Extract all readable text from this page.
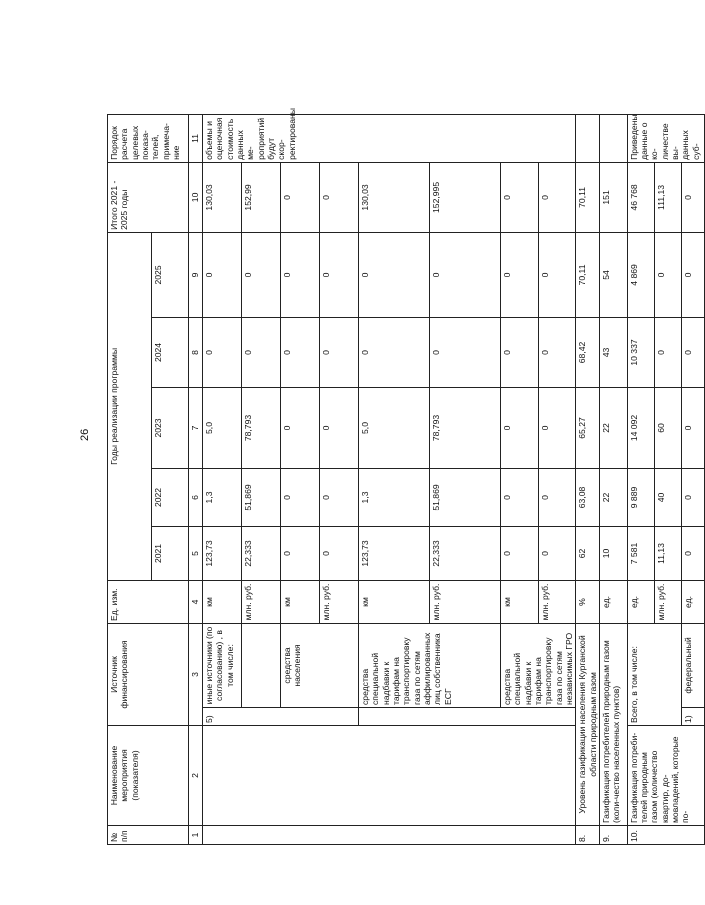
26
№ п/п	Наименование мероприятия (показателя)	Источник финансирования		Ед. изм.	Годы реализации программы					Итого 2021 - 2025 годы	Порядок расчета целевых показа-телей, примеча-ние
					2021	2022	2023	2024	2025		
1	2	3		4	5	6	7	8	9	10	11
		5)	иные источники (по согласованию) , в том числе:	км	123,73	1,3	5,0	0	0	130,03	объемы и оценочная стоимость данных ме-роприятий будут скор-ректированы
				млн. руб.	22,333	51,869	78,793	0	0	152,99	
			средства населения	км	0	0	0	0	0	0	
				млн. руб.	0	0	0	0	0	0	
			средства специальной надбавки к тарифам на транспортировку газа по сетям аффилированных лиц собственника ЕСГ	км	123,73	1,3	5,0	0	0	130,03	
				млн. руб.	22,333	51,869	78,793	0	0	152,995	
			средства специальной надбавки к тарифам на транспортировку газа по сетям независимых ГРО	км	0	0	0	0	0	0	
				млн. руб.	0	0	0	0	0	0	
8.	Уровень газификации населения Курганской области природным газом			%	62	63,08	65,27	68,42	70,11	70,11	
9.	Газификация потребителей природным газом (коли-чество населенных пунктов)			ед.	10	22	22	43	54	151	
10.	Газификация потреби-телей природным газом (количество квартир, до-мовладений, которые по-	Всего, в том числе:		ед.	7 581	9 889	14 092	10 337	4 869	46 768	Приведены данные о ко-личестве вы-данных суб-
				млн. руб.	11,13	40	60	0	0	111,13	
		1)	федеральный	ед.	0	0	0	0	0	0	
